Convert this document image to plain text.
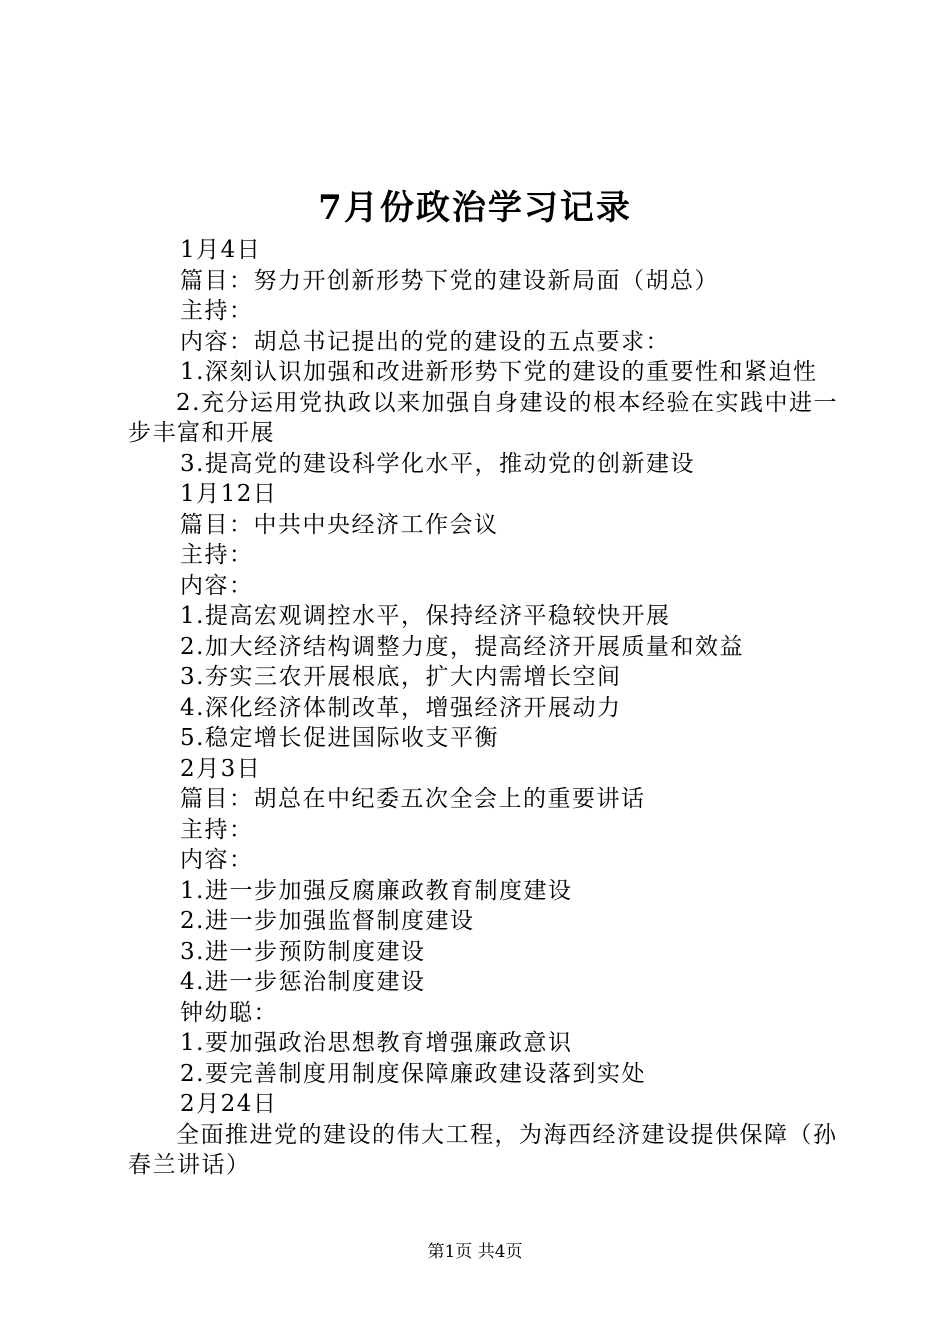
7月份政治学习记录
1月4日
篇目：努力开创新形势下党的建设新局面（胡总）
主持：
内容：胡总书记提出的党的建设的五点要求：
1.深刻认识加强和改进新形势下党的建设的重要性和紧迫性
2.充分运用党执政以来加强自身建设的根本经验在实践中进一步丰富和开展
3.提高党的建设科学化水平，推动党的创新建设
1月12日
篇目：中共中央经济工作会议
主持：
内容：
1.提高宏观调控水平，保持经济平稳较快开展
2.加大经济结构调整力度，提高经济开展质量和效益
3.夯实三农开展根底，扩大内需增长空间
4.深化经济体制改革，增强经济开展动力
5.稳定增长促进国际收支平衡
2月3日
篇目：胡总在中纪委五次全会上的重要讲话
主持：
内容：
1.进一步加强反腐廉政教育制度建设
2.进一步加强监督制度建设
3.进一步预防制度建设
4.进一步惩治制度建设
钟幼聪：
1.要加强政治思想教育增强廉政意识
2.要完善制度用制度保障廉政建设落到实处
2月24日
全面推进党的建设的伟大工程，为海西经济建设提供保障（孙春兰讲话）
第1页 共4页
